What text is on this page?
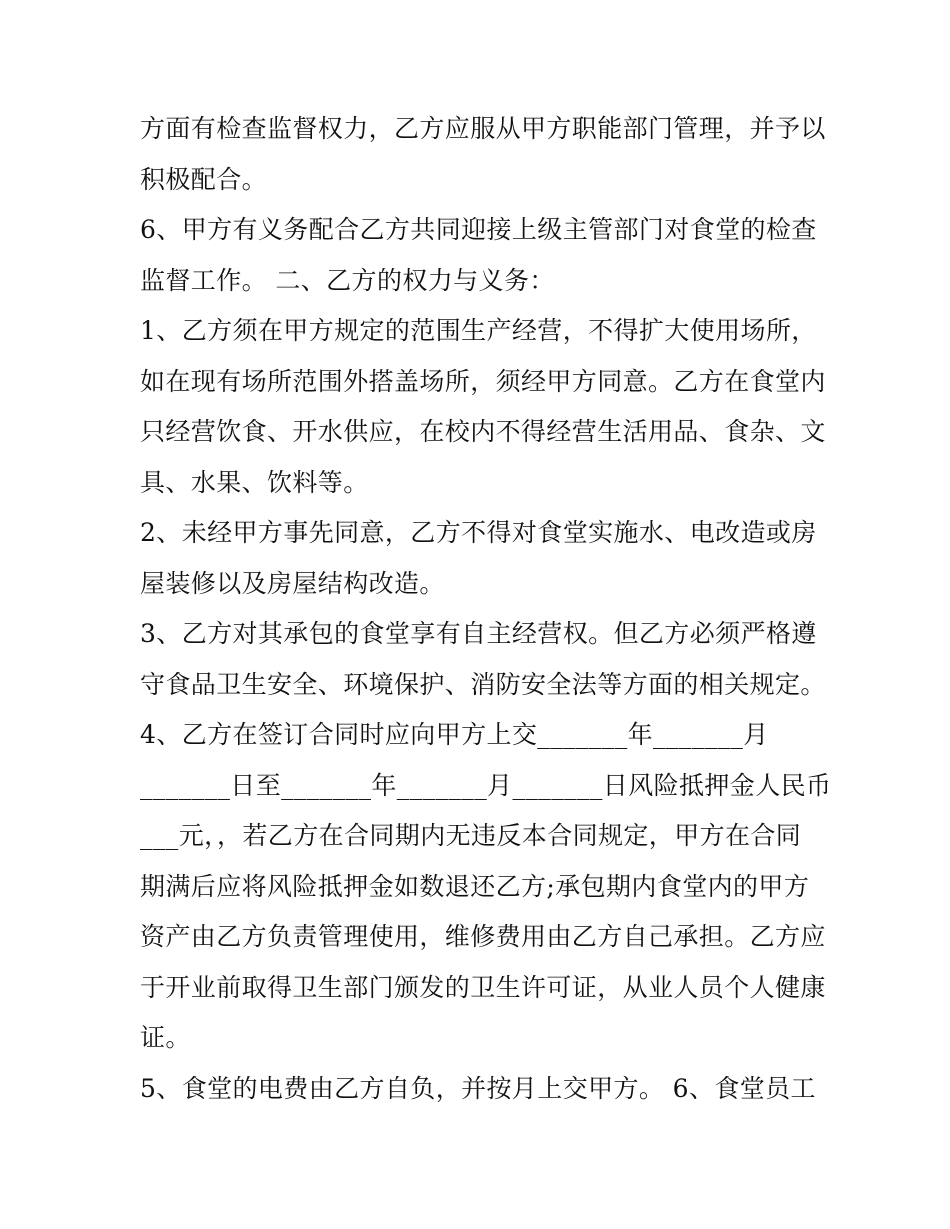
方面有检查监督权力，乙方应服从甲方职能部门管理，并予以
积极配合。
6、甲方有义务配合乙方共同迎接上级主管部门对食堂的检查
监督工作。 二、乙方的权力与义务：
1、乙方须在甲方规定的范围生产经营，不得扩大使用场所，
如在现有场所范围外搭盖场所，须经甲方同意。乙方在食堂内
只经营饮食、开水供应，在校内不得经营生活用品、食杂、文
具、水果、饮料等。
2、未经甲方事先同意，乙方不得对食堂实施水、电改造或房
屋装修以及房屋结构改造。
3、乙方对其承包的食堂享有自主经营权。但乙方必须严格遵
守食品卫生安全、环境保护、消防安全法等方面的相关规定。
4、乙方在签订合同时应向甲方上交_______年_______月
_______日至_______年_______月_______日风险抵押金人民币
___元，，若乙方在合同期内无违反本合同规定，甲方在合同
期满后应将风险抵押金如数退还乙方;承包期内食堂内的甲方
资产由乙方负责管理使用，维修费用由乙方自己承担。乙方应
于开业前取得卫生部门颁发的卫生许可证，从业人员个人健康
证。
5、食堂的电费由乙方自负，并按月上交甲方。 6、食堂员工
